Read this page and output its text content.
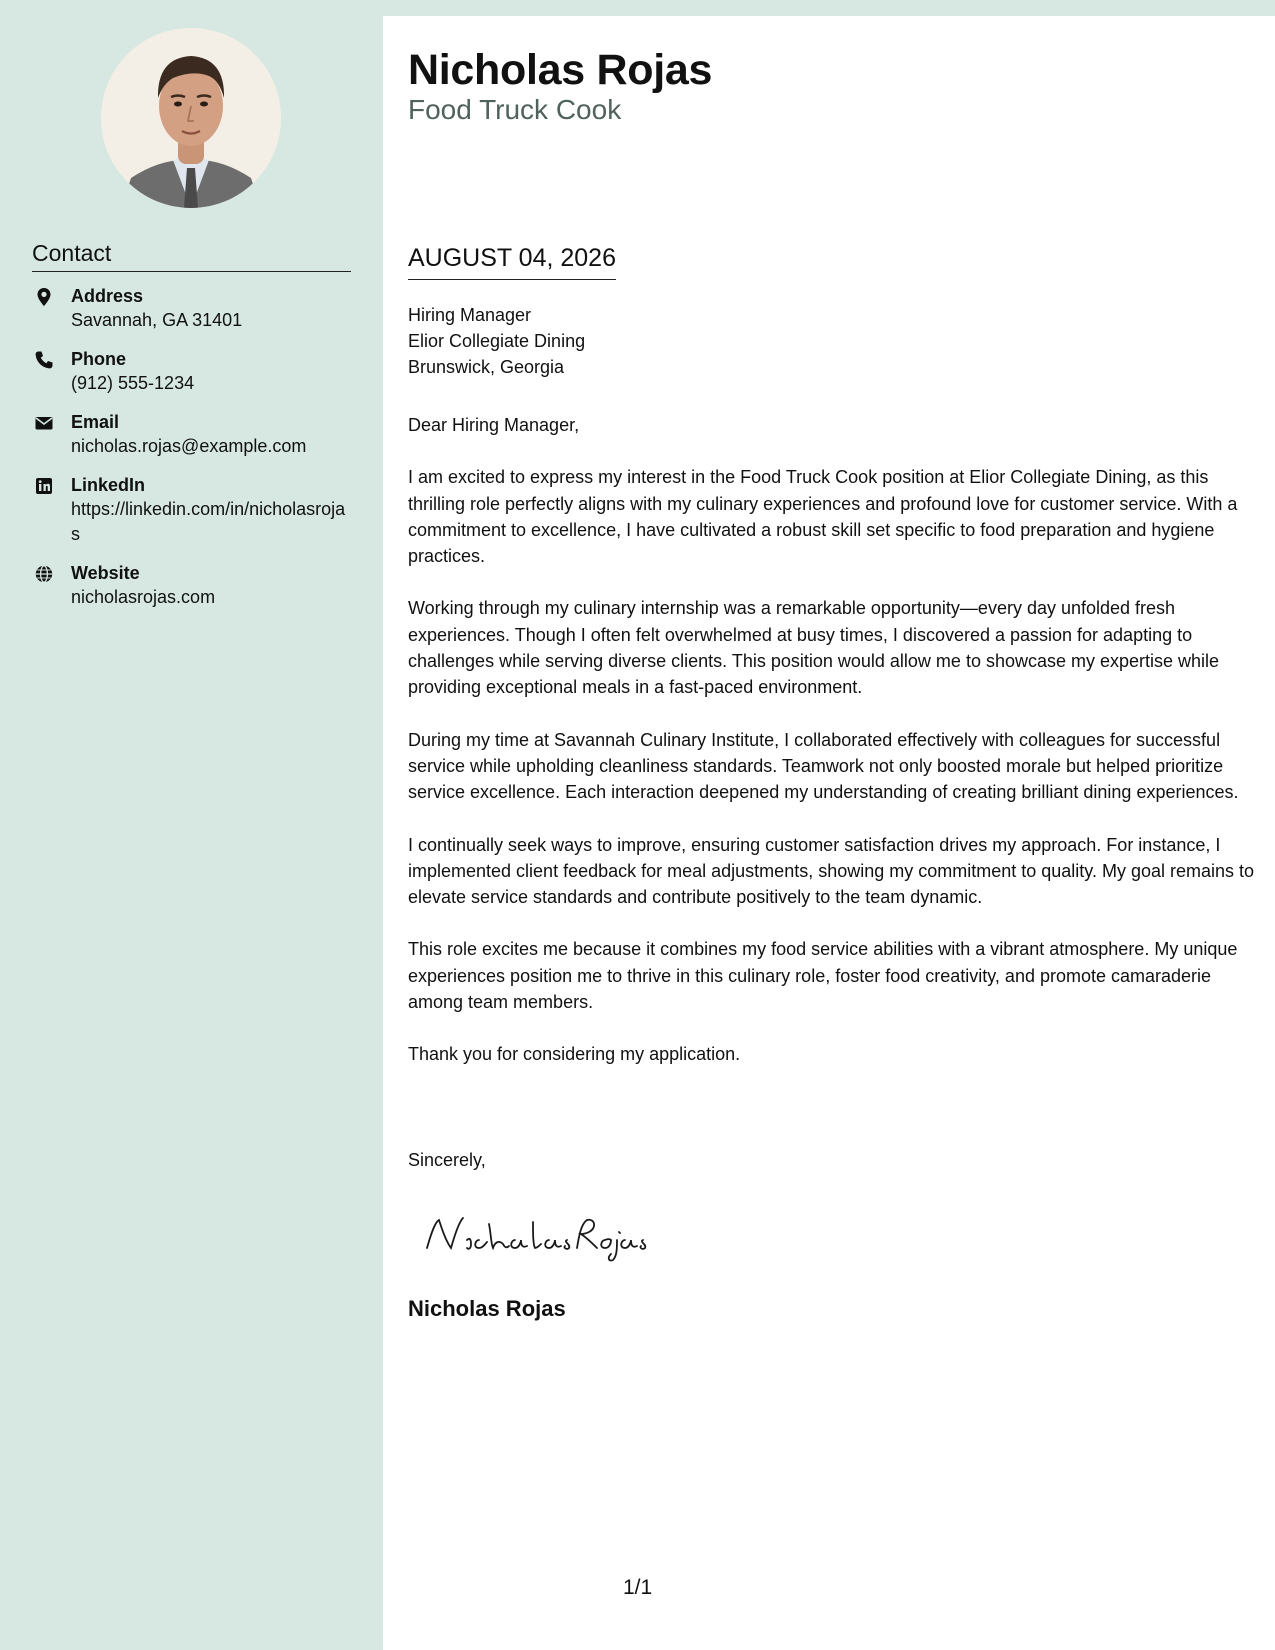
Contact
Address
Savannah, GA 31401
Phone
(912) 555-1234
Email
nicholas.rojas@example.com
LinkedIn
https://linkedin.com/in/nicholasrojas
Website
nicholasrojas.com
Nicholas Rojas
Food Truck Cook
AUGUST 04, 2026
Hiring Manager
Elior Collegiate Dining
Brunswick, Georgia

Dear Hiring Manager,

I am excited to express my interest in the Food Truck Cook position at Elior Collegiate Dining, as this thrilling role perfectly aligns with my culinary experiences and profound love for customer service. With a commitment to excellence, I have cultivated a robust skill set specific to food preparation and hygiene practices.

Working through my culinary internship was a remarkable opportunity—every day unfolded fresh experiences. Though I often felt overwhelmed at busy times, I discovered a passion for adapting to challenges while serving diverse clients. This position would allow me to showcase my expertise while providing exceptional meals in a fast-paced environment.

During my time at Savannah Culinary Institute, I collaborated effectively with colleagues for successful service while upholding cleanliness standards. Teamwork not only boosted morale but helped prioritize service excellence. Each interaction deepened my understanding of creating brilliant dining experiences.

I continually seek ways to improve, ensuring customer satisfaction drives my approach. For instance, I implemented client feedback for meal adjustments, showing my commitment to quality. My goal remains to elevate service standards and contribute positively to the team dynamic.

This role excites me because it combines my food service abilities with a vibrant atmosphere. My unique experiences position me to thrive in this culinary role, foster food creativity, and promote camaraderie among team members.

Thank you for considering my application.

Sincerely,
Nicholas Rojas
1/1
